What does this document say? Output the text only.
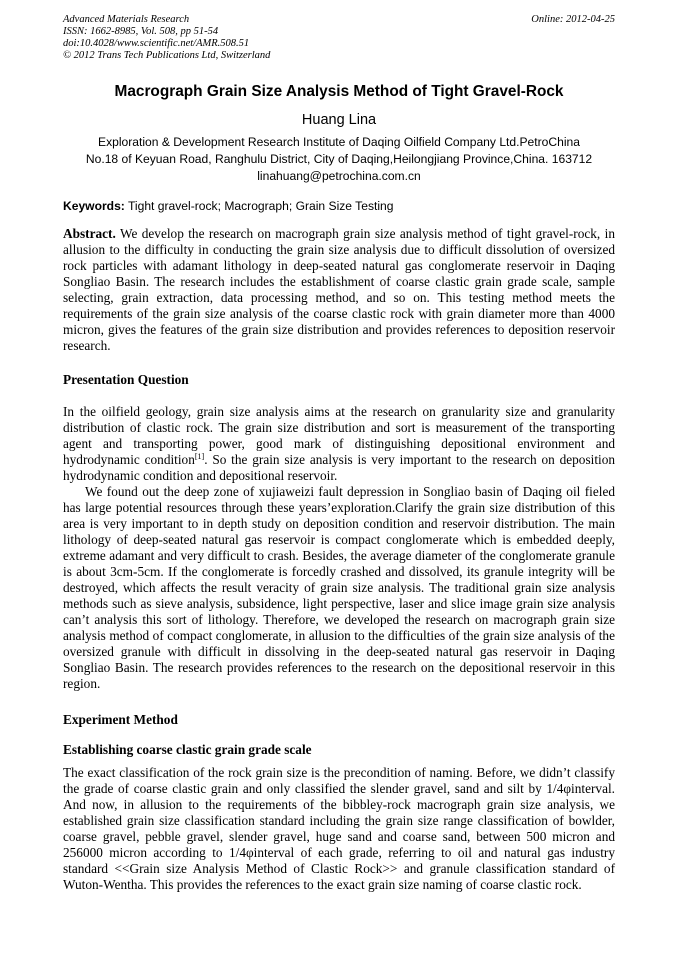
Advanced Materials Research
ISSN: 1662-8985, Vol. 508, pp 51-54
doi:10.4028/www.scientific.net/AMR.508.51
© 2012 Trans Tech Publications Ltd, Switzerland
Online: 2012-04-25
Macrograph Grain Size Analysis Method of Tight Gravel-Rock
Huang Lina
Exploration & Development Research Institute of Daqing Oilfield Company Ltd.PetroChina
No.18 of Keyuan Road, Ranghulu District, City of Daqing,Heilongjiang Province,China. 163712
linahuang@petrochina.com.cn
Keywords: Tight gravel-rock; Macrograph; Grain Size Testing
Abstract. We develop the research on macrograph grain size analysis method of tight gravel-rock, in allusion to the difficulty in conducting the grain size analysis due to difficult dissolution of oversized rock particles with adamant lithology in deep-seated natural gas conglomerate reservoir in Daqing Songliao Basin. The research includes the establishment of coarse clastic grain grade scale, sample selecting, grain extraction, data processing method, and so on. This testing method meets the requirements of the grain size analysis of the coarse clastic rock with grain diameter more than 4000 micron, gives the features of the grain size distribution and provides references to deposition reservoir research.
Presentation Question

In the oilfield geology, grain size analysis aims at the research on granularity size and granularity distribution of clastic rock. The grain size distribution and sort is measurement of the transporting agent and transporting power, good mark of distinguishing depositional environment and hydrodynamic condition[1]. So the grain size analysis is very important to the research on deposition hydrodynamic condition and depositional reservoir.

We found out the deep zone of xujiaweizi fault depression in Songliao basin of Daqing oil fieled has large potential resources through these years’exploration.Clarify the grain size distribution of this area is very important to in depth study on deposition condition and reservoir distribution. The main lithology of deep-seated natural gas reservoir is compact conglomerate which is embedded deeply, extreme adamant and very difficult to crash. Besides, the average diameter of the conglomerate granule is about 3cm-5cm. If the conglomerate is forcedly crashed and dissolved, its granule integrity will be destroyed, which affects the result veracity of grain size analysis. The traditional grain size analysis methods such as sieve analysis, subsidence, light perspective, laser and slice image grain size analysis can’t analysis this sort of lithology. Therefore, we developed the research on macrograph grain size analysis method of compact conglomerate, in allusion to the difficulties of the grain size analysis of the oversized granule with difficult in dissolving in the deep-seated natural gas reservoir in Daqing Songliao Basin. The research provides references to the research on the depositional reservoir in this region.

Experiment Method
Establishing coarse clastic grain grade scale

The exact classification of the rock grain size is the precondition of naming. Before, we didn’t classify the grade of coarse clastic grain and only classified the slender gravel, sand and silt by 1/4φinterval. And now, in allusion to the requirements of the bibbley-rock macrograph grain size analysis, we established grain size classification standard including the grain size range classification of bowlder, coarse gravel, pebble gravel, slender gravel, huge sand and coarse sand, between 500 micron and 256000 micron according to 1/4φinterval of each grade, referring to oil and natural gas industry standard <<Grain size Analysis Method of Clastic Rock>> and granule classification standard of Wuton-Wentha. This provides the references to the exact grain size naming of coarse clastic rock.
